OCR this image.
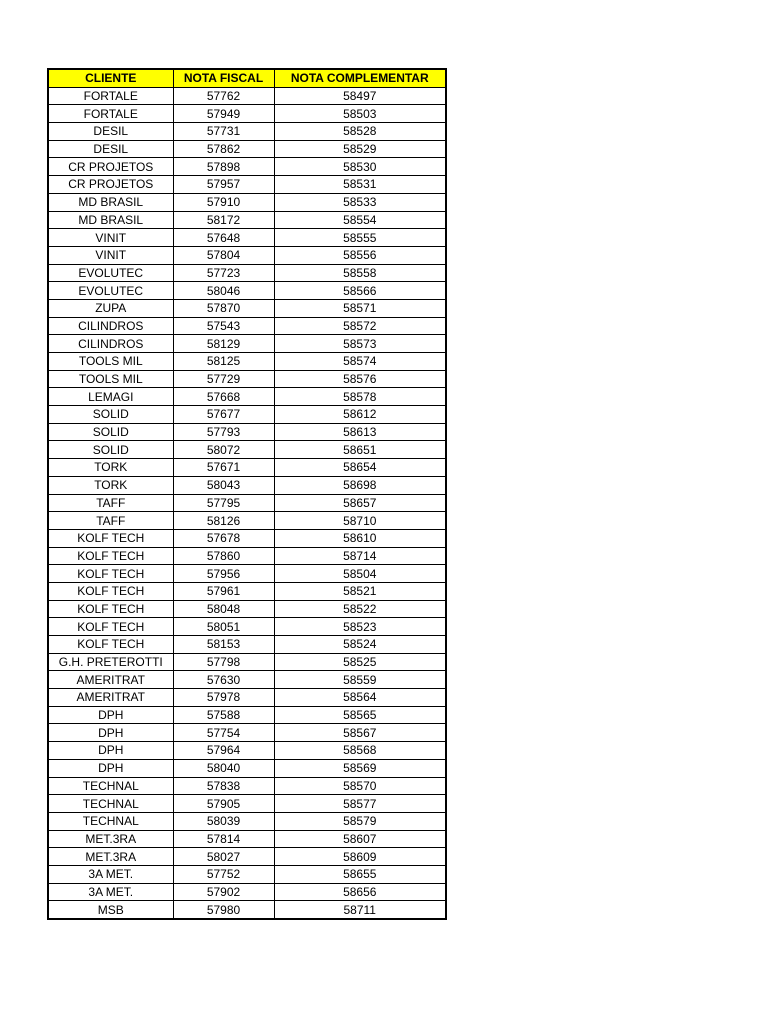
CLIENTE	NOTA FISCAL	NOTA COMPLEMENTAR
FORTALE	57762	58497
FORTALE	57949	58503
DESIL	57731	58528
DESIL	57862	58529
CR PROJETOS	57898	58530
CR PROJETOS	57957	58531
MD BRASIL	57910	58533
MD BRASIL	58172	58554
VINIT	57648	58555
VINIT	57804	58556
EVOLUTEC	57723	58558
EVOLUTEC	58046	58566
ZUPA	57870	58571
CILINDROS	57543	58572
CILINDROS	58129	58573
TOOLS MIL	58125	58574
TOOLS MIL	57729	58576
LEMAGI	57668	58578
SOLID	57677	58612
SOLID	57793	58613
SOLID	58072	58651
TORK	57671	58654
TORK	58043	58698
TAFF	57795	58657
TAFF	58126	58710
KOLF TECH	57678	58610
KOLF TECH	57860	58714
KOLF TECH	57956	58504
KOLF TECH	57961	58521
KOLF TECH	58048	58522
KOLF TECH	58051	58523
KOLF TECH	58153	58524
G.H. PRETEROTTI	57798	58525
AMERITRAT	57630	58559
AMERITRAT	57978	58564
DPH	57588	58565
DPH	57754	58567
DPH	57964	58568
DPH	58040	58569
TECHNAL	57838	58570
TECHNAL	57905	58577
TECHNAL	58039	58579
MET.3RA	57814	58607
MET.3RA	58027	58609
3A MET.	57752	58655
3A MET.	57902	58656
MSB	57980	58711
